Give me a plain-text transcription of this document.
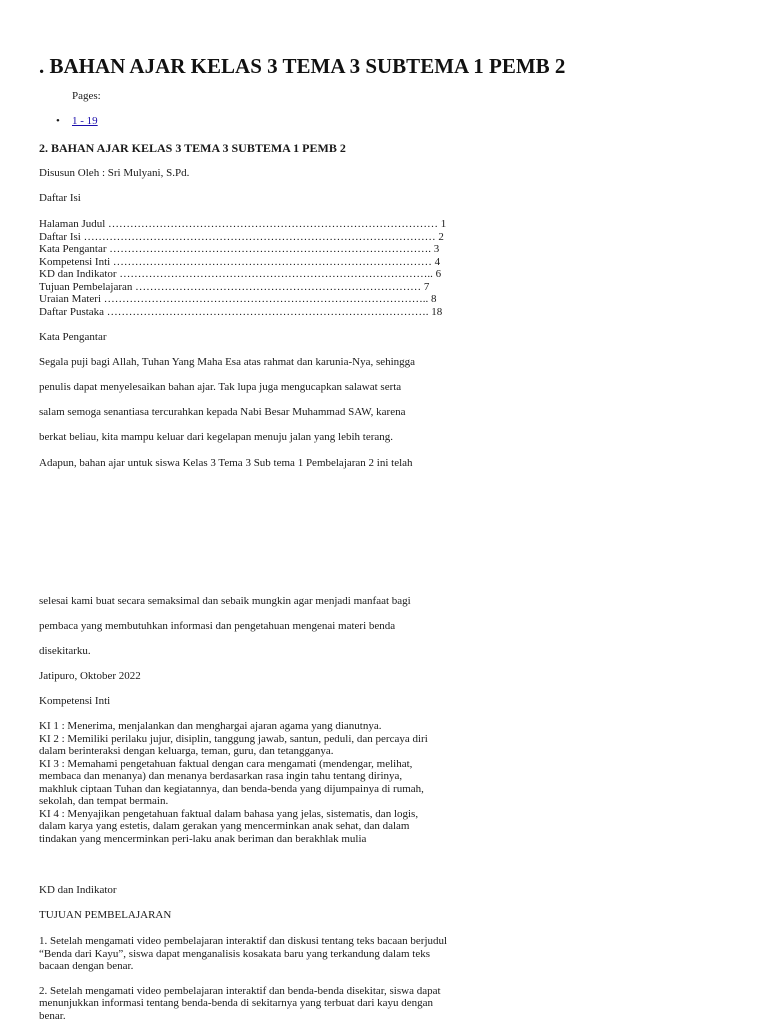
. BAHAN AJAR KELAS 3 TEMA 3 SUBTEMA 1 PEMB 2
Pages:
• 1 - 19
2. BAHAN AJAR KELAS 3 TEMA 3 SUBTEMA 1 PEMB 2
Disusun Oleh : Sri Mulyani, S.Pd.
Daftar Isi
Halaman Judul ……………………………………………………………………………… 1
Daftar Isi …………………………………………………………………………………… 2
Kata Pengantar ……………………………………………………………………………. 3
Kompetensi Inti …………………………………………………………………………… 4
KD dan Indikator ………………………………………………………………………….. 6
Tujuan Pembelajaran …………………………………………………………………… 7
Uraian Materi …………………………………………………………………………….. 8
Daftar Pustaka ……………………………………………………………………………. 18
Kata Pengantar
Segala puji bagi Allah, Tuhan Yang Maha Esa atas rahmat dan karunia-Nya, sehingga
penulis dapat menyelesaikan bahan ajar. Tak lupa juga mengucapkan salawat serta
salam semoga senantiasa tercurahkan kepada Nabi Besar Muhammad SAW, karena
berkat beliau, kita mampu keluar dari kegelapan menuju jalan yang lebih terang.
Adapun, bahan ajar untuk siswa Kelas 3 Tema 3 Sub tema 1 Pembelajaran 2 ini telah
selesai kami buat secara semaksimal dan sebaik mungkin agar menjadi manfaat bagi
pembaca yang membutuhkan informasi dan pengetahuan mengenai materi benda
disekitarku.
Jatipuro, Oktober 2022
Kompetensi Inti
KI 1 : Menerima, menjalankan dan menghargai ajaran agama yang dianutnya.
KI 2 : Memiliki perilaku jujur, disiplin, tanggung jawab, santun, peduli, dan percaya diri dalam berinteraksi dengan keluarga, teman, guru, dan tetangganya.
KI 3 : Memahami pengetahuan faktual dengan cara mengamati (mendengar, melihat, membaca dan menanya) dan menanya berdasarkan rasa ingin tahu tentang dirinya, makhluk ciptaan Tuhan dan kegiatannya, dan benda-benda yang dijumpainya di rumah, sekolah, dan tempat bermain.
KI 4 : Menyajikan pengetahuan faktual dalam bahasa yang jelas, sistematis, dan logis, dalam karya yang estetis, dalam gerakan yang mencerminkan anak sehat, dan dalam tindakan yang mencerminkan peri-laku anak beriman dan berakhlak mulia
KD dan Indikator
TUJUAN PEMBELAJARAN
1. Setelah mengamati video pembelajaran interaktif dan diskusi tentang teks bacaan berjudul “Benda dari Kayu”, siswa dapat menganalisis kosakata baru yang terkandung dalam teks bacaan dengan benar.
2. Setelah mengamati video pembelajaran interaktif dan benda-benda disekitar, siswa dapat menunjukkan informasi tentang benda-benda di sekitarnya yang terbuat dari kayu dengan benar.
